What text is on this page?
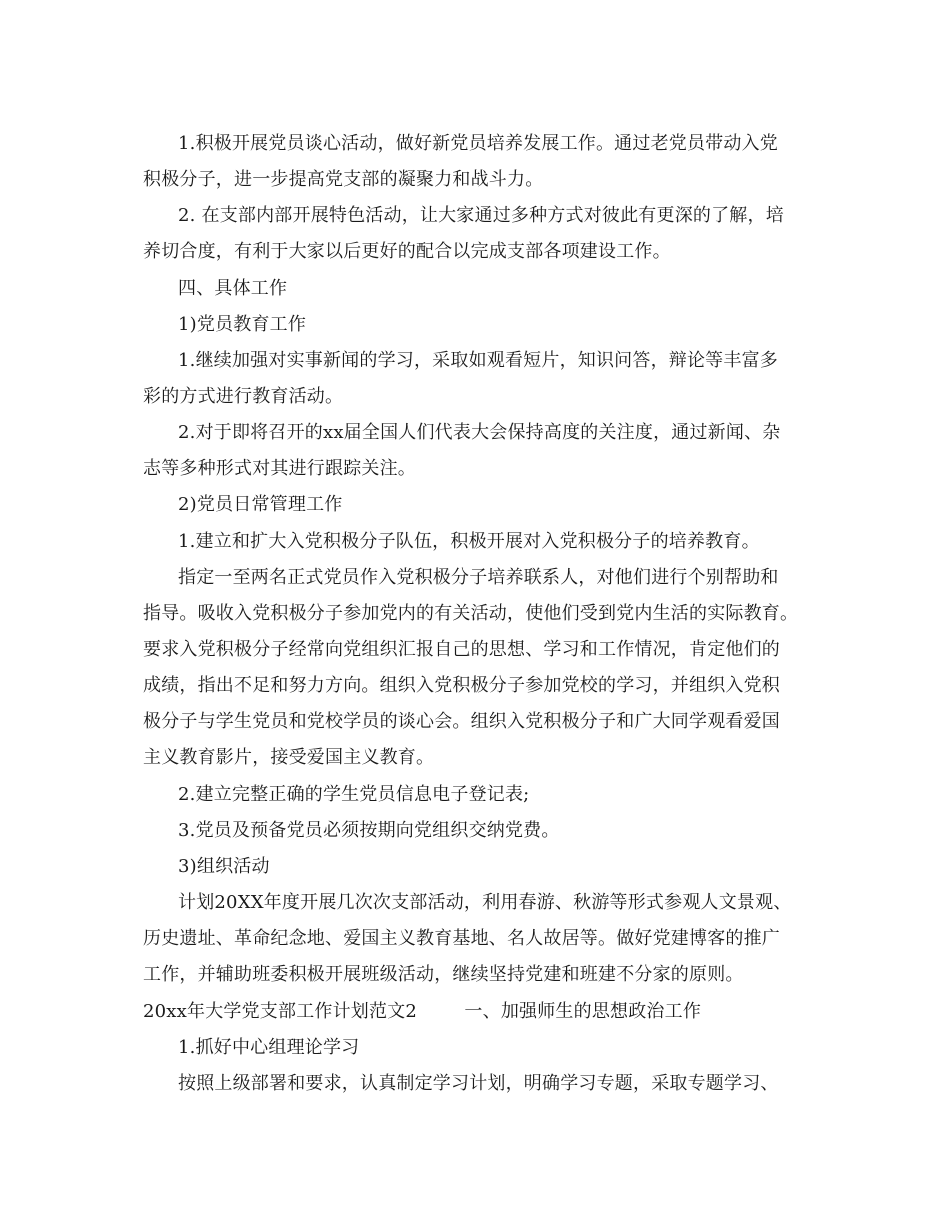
1.积极开展党员谈心活动，做好新党员培养发展工作。通过老党员带动入党
积极分子，进一步提高党支部的凝聚力和战斗力。
2. 在支部内部开展特色活动，让大家通过多种方式对彼此有更深的了解，培
养切合度，有利于大家以后更好的配合以完成支部各项建设工作。
四、具体工作
1)党员教育工作
1.继续加强对实事新闻的学习，采取如观看短片，知识问答，辩论等丰富多
彩的方式进行教育活动。
2.对于即将召开的xx届全国人们代表大会保持高度的关注度，通过新闻、杂
志等多种形式对其进行跟踪关注。
2)党员日常管理工作
1.建立和扩大入党积极分子队伍，积极开展对入党积极分子的培养教育。
指定一至两名正式党员作入党积极分子培养联系人，对他们进行个别帮助和
指导。吸收入党积极分子参加党内的有关活动，使他们受到党内生活的实际教育。
要求入党积极分子经常向党组织汇报自己的思想、学习和工作情况，肯定他们的
成绩，指出不足和努力方向。组织入党积极分子参加党校的学习，并组织入党积
极分子与学生党员和党校学员的谈心会。组织入党积极分子和广大同学观看爱国
主义教育影片，接受爱国主义教育。
2.建立完整正确的学生党员信息电子登记表;
3.党员及预备党员必须按期向党组织交纳党费。
3)组织活动
计划20XX年度开展几次次支部活动，利用春游、秋游等形式参观人文景观、
历史遗址、革命纪念地、爱国主义教育基地、名人故居等。做好党建博客的推广
工作，并辅助班委积极开展班级活动，继续坚持党建和班建不分家的原则。
20xx年大学党支部工作计划范文2        一、加强师生的思想政治工作
1.抓好中心组理论学习
按照上级部署和要求，认真制定学习计划，明确学习专题，采取专题学习、
